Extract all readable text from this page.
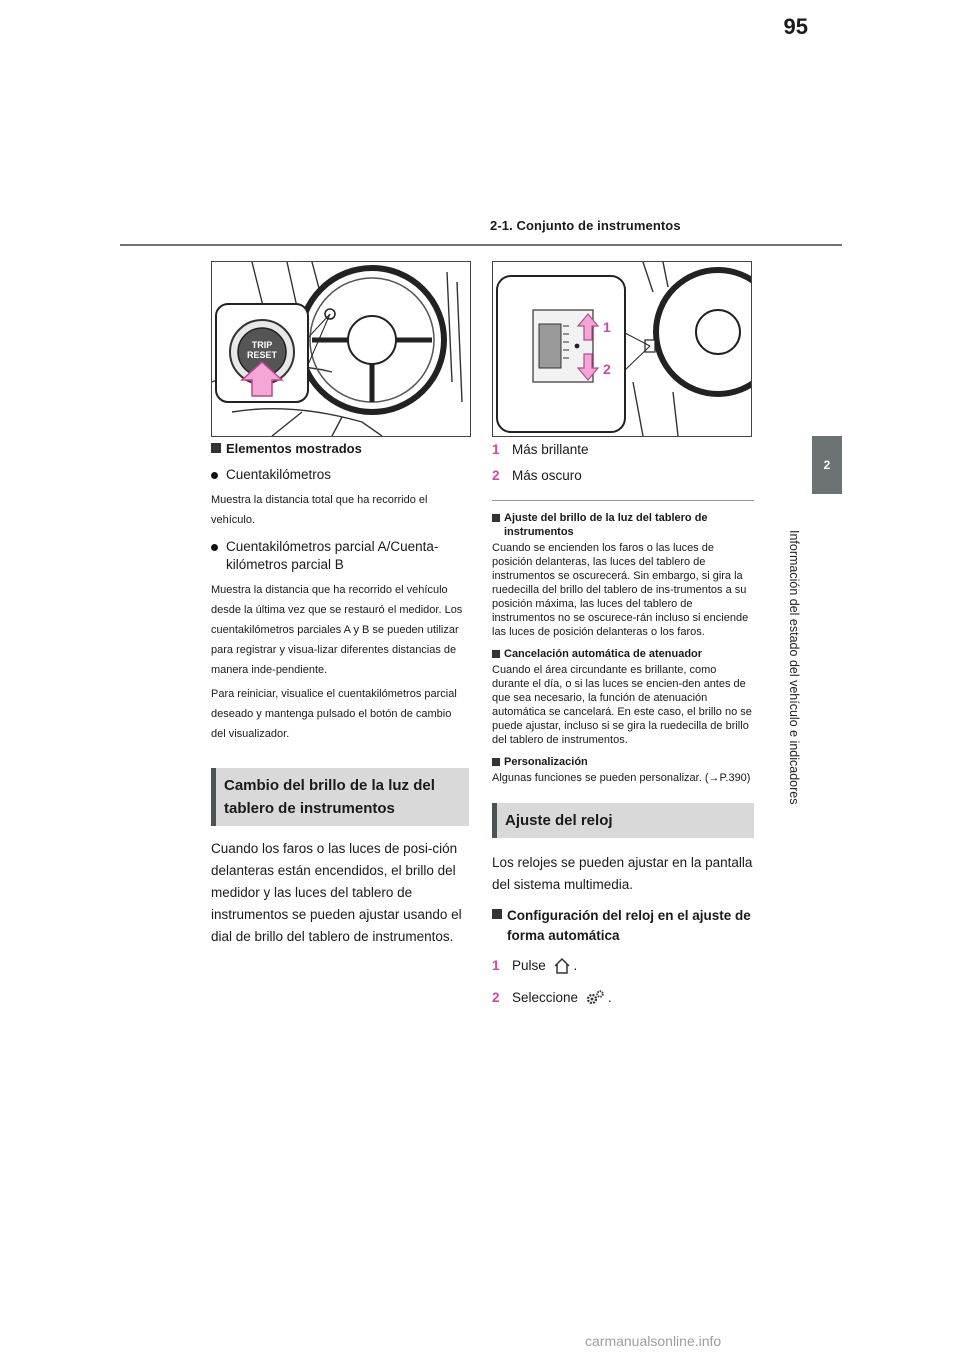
95
2-1. Conjunto de instrumentos
2
Información del estado del vehículo e indicadores
TRIP
RESET
1
2
Elementos mostrados
Cuentakilómetros

Muestra la distancia total que ha recorrido el vehículo.

Cuentakilómetros parcial A/Cuenta-kilómetros parcial B

Muestra la distancia que ha recorrido el vehículo desde la última vez que se restauró el medidor. Los cuentakilómetros parciales A y B se pueden utilizar para registrar y visua-lizar diferentes distancias de manera inde-pendiente.

Para reiniciar, visualice el cuentakilómetros parcial deseado y mantenga pulsado el botón de cambio del visualizador.

Cambio del brillo de la luz del tablero de instrumentos

Cuando los faros o las luces de posi-ción delanteras están encendidos, el brillo del medidor y las luces del tablero de instrumentos se pueden ajustar usando el dial de brillo del tablero de instrumentos.

1 Más brillante
2 Más oscuro
Ajuste del brillo de la luz del tablero de instrumentos

Cuando se encienden los faros o las luces de posición delanteras, las luces del tablero de instrumentos se oscurecerá. Sin embargo, si gira la ruedecilla del brillo del tablero de ins-trumentos a su posición máxima, las luces del tablero de instrumentos no se oscurece-rán incluso si enciende las luces de posición delanteras o los faros.

Cancelación automática de atenuador

Cuando el área circundante es brillante, como durante el día, o si las luces se encien-den antes de que sea necesario, la función de atenuación automática se cancelará. En este caso, el brillo no se puede ajustar, incluso si se gira la ruedecilla de brillo del tablero de instrumentos.

Personalización

Algunas funciones se pueden personalizar. (→P.390)

Ajuste del reloj

Los relojes se pueden ajustar en la pantalla del sistema multimedia.

Configuración del reloj en el ajuste de forma automática
1 Pulse .
2 Seleccione .
carmanualsonline.info
